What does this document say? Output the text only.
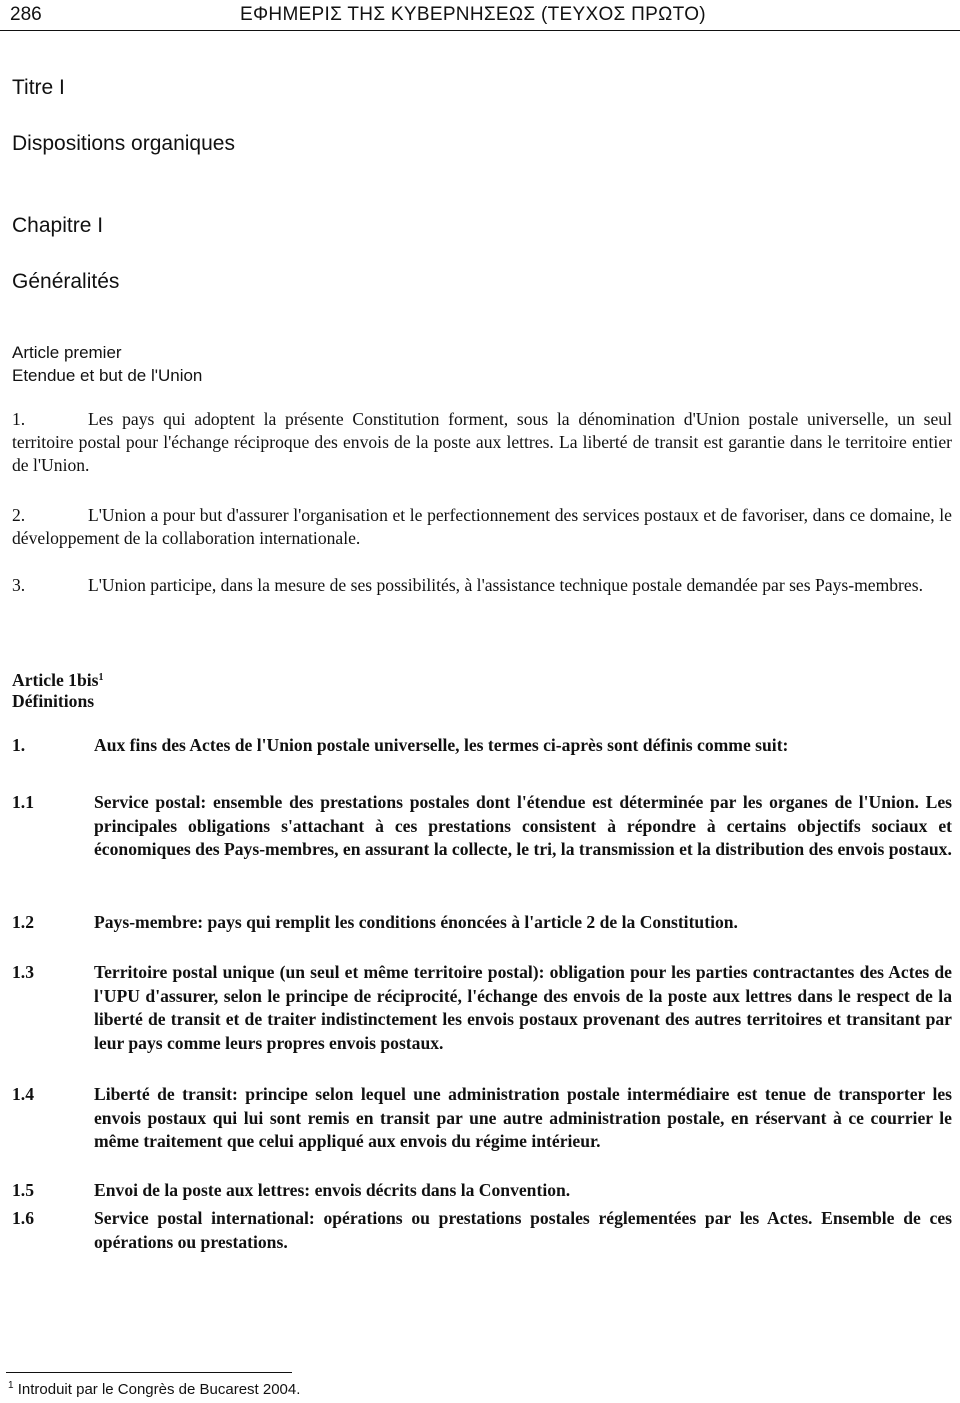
286	ΕΦΗΜΕΡΙΣ ΤΗΣ ΚΥΒΕΡΝΗΣΕΩΣ (ΤΕΥΧΟΣ ΠΡΩΤΟ)
Titre I
Dispositions organiques
Chapitre I
Généralités
Article premier
Etendue et but de l'Union
1.	Les pays qui adoptent la présente Constitution forment, sous la dénomination d'Union postale universelle, un seul territoire postal pour l'échange réciproque des envois de la poste aux lettres. La liberté de transit est garantie dans le territoire entier de l'Union.
2.	L'Union a pour but d'assurer l'organisation et le perfectionnement des services postaux et de favoriser, dans ce domaine, le développement de la collaboration internationale.
3.	L'Union participe, dans la mesure de ses possibilités, à l'assistance technique postale demandée par ses Pays-membres.
Article 1bis$^1$
Définitions
1.	Aux fins des Actes de l'Union postale universelle, les termes ci-après sont définis comme suit:
1.1	Service postal: ensemble des prestations postales dont l'étendue est déterminée par les organes de l'Union. Les principales obligations s'attachant à ces prestations consistent à répondre à certains objectifs sociaux et économiques des Pays-membres, en assurant la collecte, le tri, la transmission et la distribution des envois postaux.
1.2	Pays-membre: pays qui remplit les conditions énoncées à l'article 2 de la Constitution.
1.3	Territoire postal unique (un seul et même territoire postal): obligation pour les parties contractantes des Actes de l'UPU d'assurer, selon le principe de réciprocité, l'échange des envois de la poste aux lettres dans le respect de la liberté de transit et de traiter indistinctement les envois postaux provenant des autres territoires et transitant par leur pays comme leurs propres envois postaux.
1.4	Liberté de transit: principe selon lequel une administration postale intermédiaire est tenue de transporter les envois postaux qui lui sont remis en transit par une autre administration postale, en réservant à ce courrier le même traitement que celui appliqué aux envois du régime intérieur.
1.5	Envoi de la poste aux lettres: envois décrits dans la Convention.
1.6	Service postal international: opérations ou prestations postales réglementées par les Actes. Ensemble de ces opérations ou prestations.
$^1$ Introduit par le Congrès de Bucarest 2004.
